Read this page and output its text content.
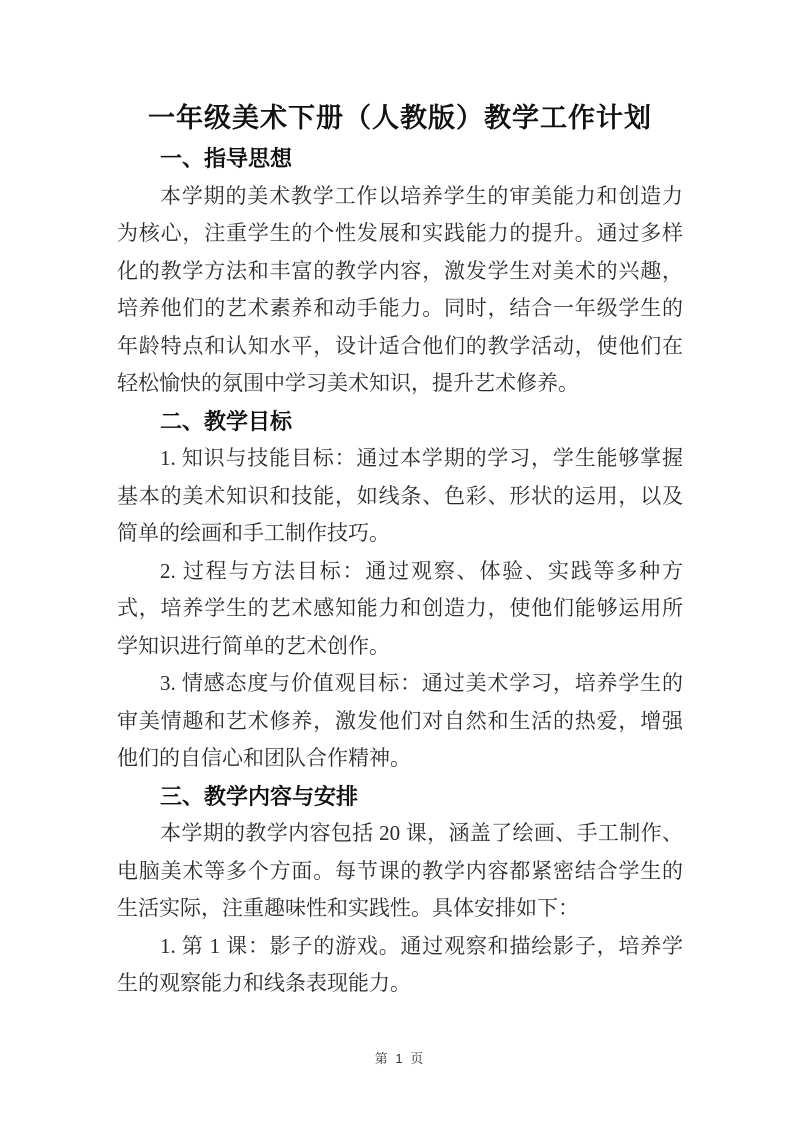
一年级美术下册（人教版）教学工作计划
一、指导思想

本学期的美术教学工作以培养学生的审美能力和创造力为核心，注重学生的个性发展和实践能力的提升。通过多样化的教学方法和丰富的教学内容，激发学生对美术的兴趣，培养他们的艺术素养和动手能力。同时，结合一年级学生的年龄特点和认知水平，设计适合他们的教学活动，使他们在轻松愉快的氛围中学习美术知识，提升艺术修养。

二、教学目标

1. 知识与技能目标：通过本学期的学习，学生能够掌握基本的美术知识和技能，如线条、色彩、形状的运用，以及简单的绘画和手工制作技巧。

2. 过程与方法目标：通过观察、体验、实践等多种方式，培养学生的艺术感知能力和创造力，使他们能够运用所学知识进行简单的艺术创作。

3. 情感态度与价值观目标：通过美术学习，培养学生的审美情趣和艺术修养，激发他们对自然和生活的热爱，增强他们的自信心和团队合作精神。

三、教学内容与安排

本学期的教学内容包括 20 课，涵盖了绘画、手工制作、电脑美术等多个方面。每节课的教学内容都紧密结合学生的生活实际，注重趣味性和实践性。具体安排如下：

1. 第 1 课：影子的游戏。通过观察和描绘影子，培养学生的观察能力和线条表现能力。

第 1 页
